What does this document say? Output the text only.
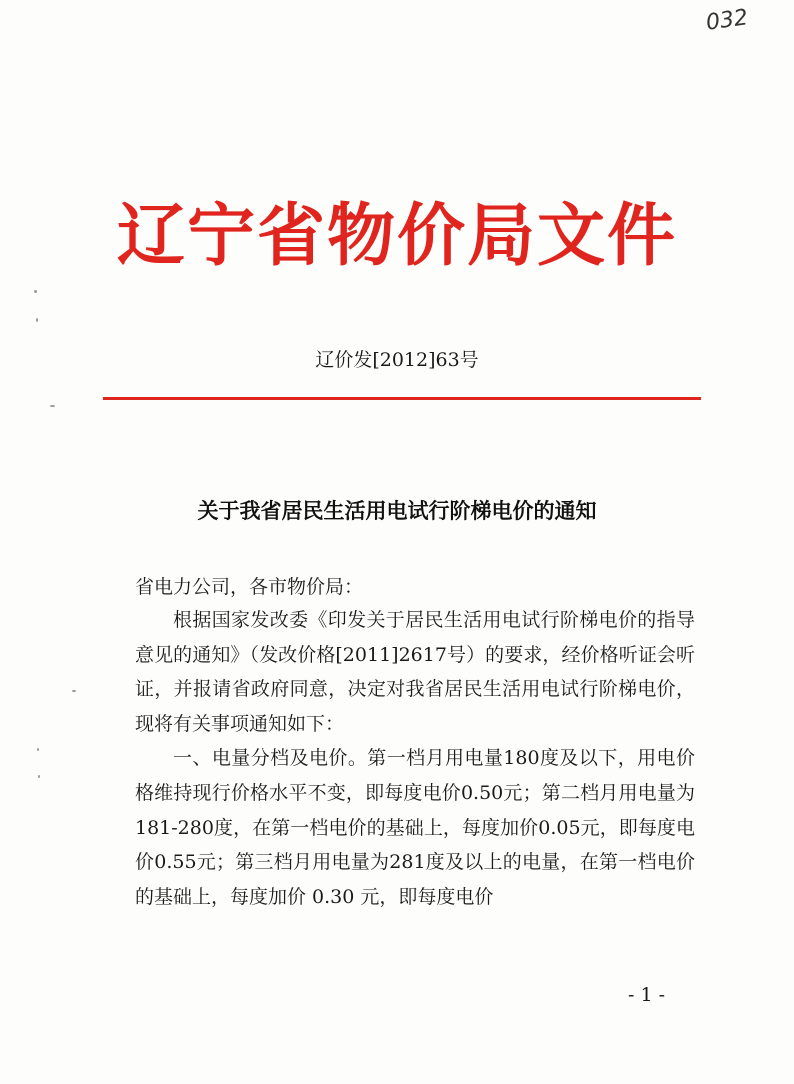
032
辽宁省物价局文件
辽价发[2012]63号
关于我省居民生活用电试行阶梯电价的通知
省电力公司，各市物价局：

根据国家发改委《印发关于居民生活用电试行阶梯电价的指导意见的通知》（发改价格[2011]2617号）的要求，经价格听证会听证，并报请省政府同意，决定对我省居民生活用电试行阶梯电价，现将有关事项通知如下：

一、电量分档及电价。第一档月用电量180度及以下，用电价格维持现行价格水平不变，即每度电价0.50元；第二档月用电量为181-280度，在第一档电价的基础上，每度加价0.05元，即每度电价0.55元；第三档月用电量为281度及以上的电量，在第一档电价的基础上，每度加价 0.30 元，即每度电价

- 1 -
